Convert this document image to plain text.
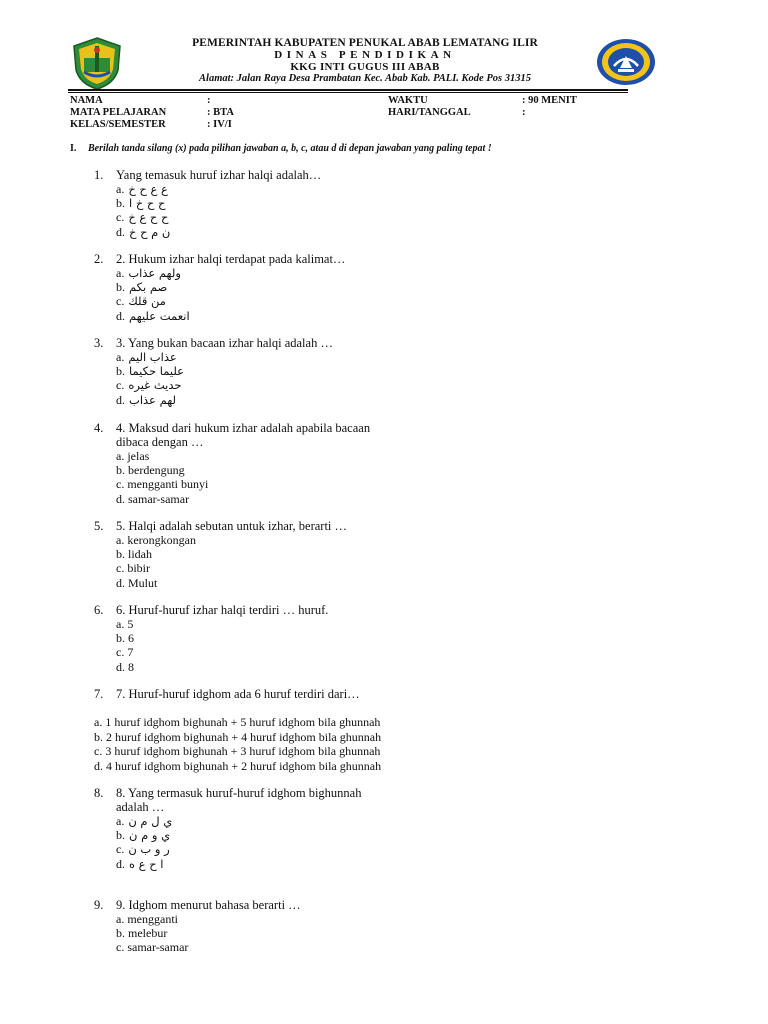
PEMERINTAH KABUPATEN PENUKAL ABAB LEMATANG ILIR
DINAS PENDIDIKAN
KKG INTI GUGUS III ABAB
Alamat: Jalan Raya Desa Prambatan Kec. Abab Kab. PALI. Kode Pos 31315
NAMA	:	WAKTU	: 90 MENIT
MATA PELAJARAN	: BTA	HARI/TANGGAL	:
KELAS/SEMESTER	: IV/I
I. Berilah tanda silang (x) pada pilihan jawaban a, b, c, atau d di depan jawaban yang paling tepat !
1. Yang temasuk huruf izhar halqi adalah…
a. ع ع ح خ
b. ح ح خ ا
c. ح ح ع خ
d. ن م ح خ
2. 2. Hukum izhar halqi terdapat pada kalimat…
a. ولهم عذاب
b. صم بكم
c. من قلك
d. انعمت عليهم
3. 3. Yang bukan bacaan izhar halqi adalah …
a. عذاب اليم
b. عليما حكيما
c. حديث غيره
d. لهم عذاب
4. 4. Maksud dari hukum izhar adalah apabila bacaan
dibaca dengan …
a. jelas
b. berdengung
c. mengganti bunyi
d. samar-samar
5. 5. Halqi adalah sebutan untuk izhar, berarti …
a. kerongkongan
b. lidah
c. bibir
d. Mulut
6. 6. Huruf-huruf izhar halqi terdiri … huruf.
a. 5
b. 6
c. 7
d. 8
7. 7. Huruf-huruf idghom ada 6 huruf terdiri dari…
a. 1 huruf idghom bighunah + 5 huruf idghom bila ghunnah
b. 2 huruf idghom bighunah + 4 huruf idghom bila ghunnah
c. 3 huruf idghom bighunah + 3 huruf idghom bila ghunnah
d. 4 huruf idghom bighunah + 2 huruf idghom bila ghunnah
8. 8. Yang termasuk huruf-huruf idghom bighunnah
adalah …
a. ي ل م ن
b. ي و م ن
c. ر و ب ن
d. ا ح ع ه
9. 9. Idghom menurut bahasa berarti …
a. mengganti
b. melebur
c. samar-samar
